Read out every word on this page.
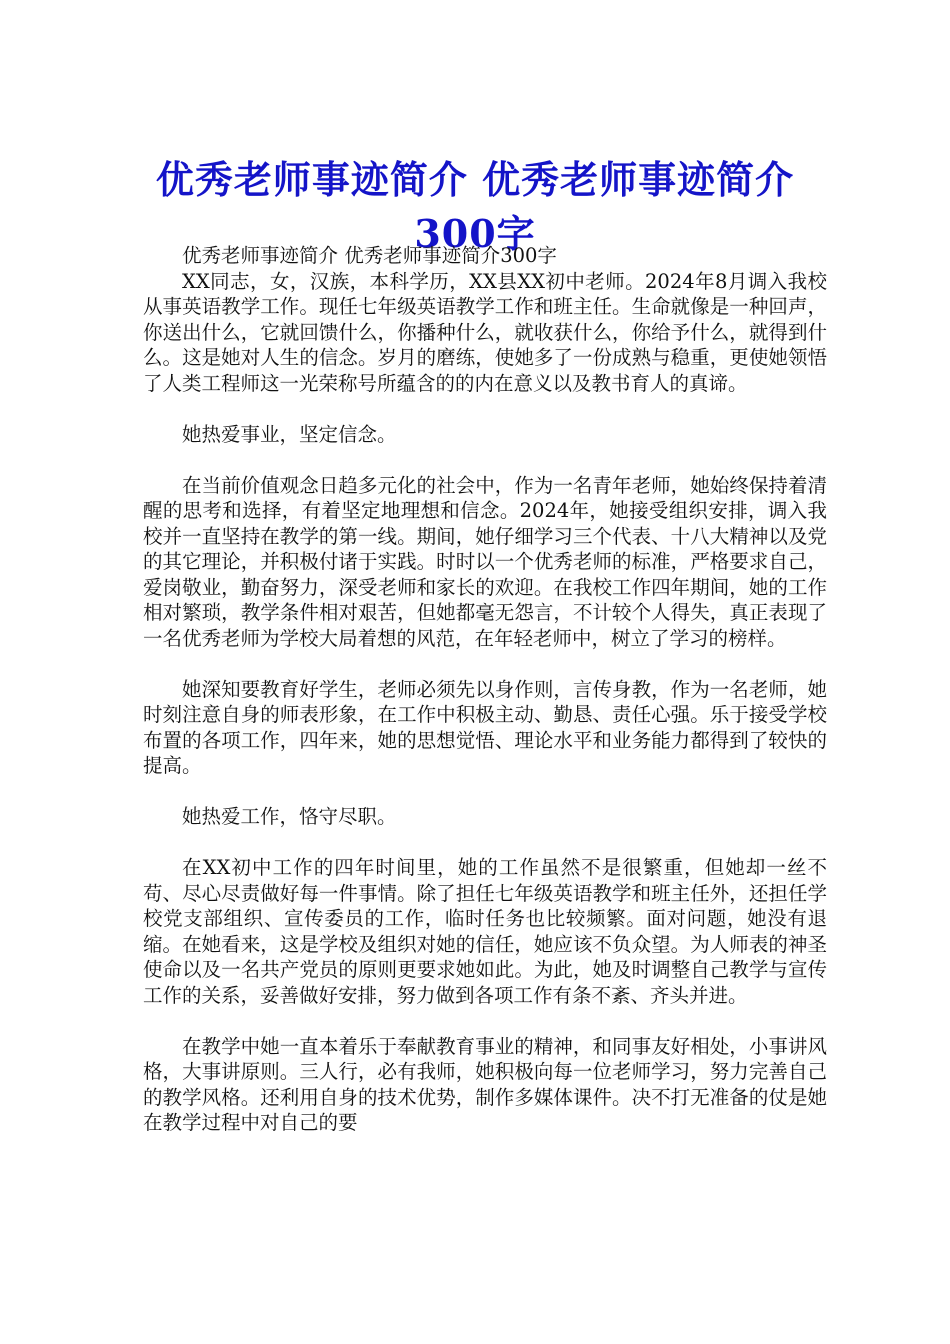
优秀老师事迹简介 优秀老师事迹简介300字

优秀老师事迹简介 优秀老师事迹简介300字

XX同志，女，汉族，本科学历，XX县XX初中老师。2024年8月调入我校从事英语教学工作。现任七年级英语教学工作和班主任。生命就像是一种回声，你送出什么，它就回馈什么，你播种什么，就收获什么，你给予什么，就得到什么。这是她对人生的信念。岁月的磨练，使她多了一份成熟与稳重，更使她领悟了人类工程师这一光荣称号所蕴含的的内在意义以及教书育人的真谛。

她热爱事业，坚定信念。

在当前价值观念日趋多元化的社会中，作为一名青年老师，她始终保持着清醒的思考和选择，有着坚定地理想和信念。2024年，她接受组织安排，调入我校并一直坚持在教学的第一线。期间，她仔细学习三个代表、十八大精神以及党的其它理论，并积极付诸于实践。时时以一个优秀老师的标准，严格要求自己，爱岗敬业，勤奋努力，深受老师和家长的欢迎。在我校工作四年期间，她的工作相对繁琐，教学条件相对艰苦，但她都毫无怨言，不计较个人得失，真正表现了一名优秀老师为学校大局着想的风范，在年轻老师中，树立了学习的榜样。

她深知要教育好学生，老师必须先以身作则，言传身教，作为一名老师，她时刻注意自身的师表形象，在工作中积极主动、勤恳、责任心强。乐于接受学校布置的各项工作，四年来，她的思想觉悟、理论水平和业务能力都得到了较快的提高。

她热爱工作，恪守尽职。

在XX初中工作的四年时间里，她的工作虽然不是很繁重，但她却一丝不苟、尽心尽责做好每一件事情。除了担任七年级英语教学和班主任外，还担任学校党支部组织、宣传委员的工作，临时任务也比较频繁。面对问题，她没有退缩。在她看来，这是学校及组织对她的信任，她应该不负众望。为人师表的神圣使命以及一名共产党员的原则更要求她如此。为此，她及时调整自己教学与宣传工作的关系，妥善做好安排，努力做到各项工作有条不紊、齐头并进。

在教学中她一直本着乐于奉献教育事业的精神，和同事友好相处，小事讲风格，大事讲原则。三人行，必有我师，她积极向每一位老师学习，努力完善自己的教学风格。还利用自身的技术优势，制作多媒体课件。决不打无准备的仗是她在教学过程中对自己的要
